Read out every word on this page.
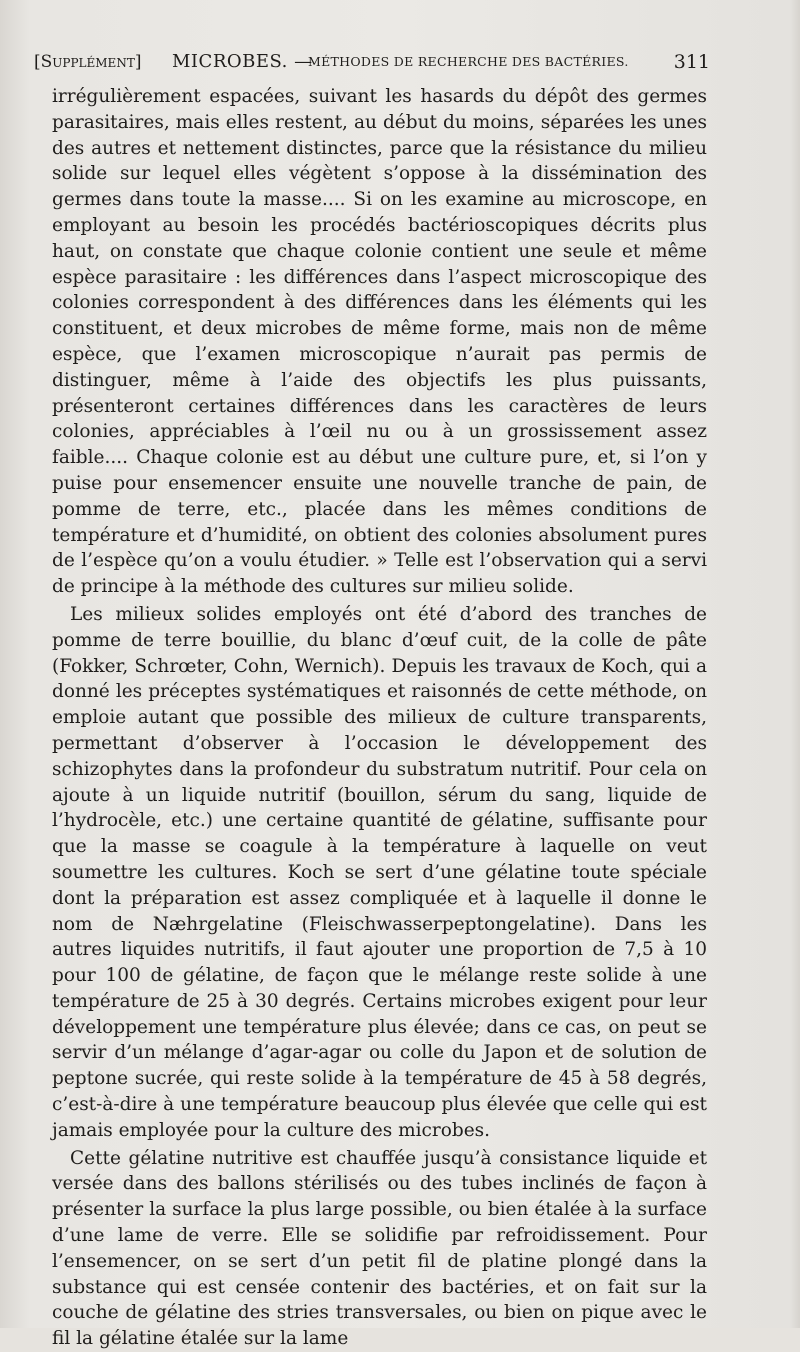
[Supplément] MICROBES. —
MÉTHODES DE RECHERCHE DES BACTÉRIES. 311

irrégulièrement espacées, suivant les hasards du dépôt des germes parasitaires, mais elles restent, au début du moins, séparées les unes des autres et nettement distinctes, parce que la résistance du milieu solide sur lequel elles végètent s’oppose à la dissémination des germes dans toute la masse.... Si on les examine au microscope, en employant au besoin les procédés bactérioscopiques décrits plus haut, on constate que chaque colonie contient une seule et même espèce parasitaire : les différences dans l’aspect microscopique des colonies correspondent à des différences dans les éléments qui les constituent, et deux microbes de même forme, mais non de même espèce, que l’examen microscopique n’aurait pas permis de distinguer, même à l’aide des objectifs les plus puissants, présenteront certaines différences dans les caractères de leurs colonies, appréciables à l’œil nu ou à un grossissement assez faible.... Chaque colonie est au début une culture pure, et, si l’on y puise pour ensemencer ensuite une nouvelle tranche de pain, de pomme de terre, etc., placée dans les mêmes conditions de température et d’humidité, on obtient des colonies absolument pures de l’espèce qu’on a voulu étudier. » Telle est l’observation qui a servi de principe à la méthode des cultures sur milieu solide.

Les milieux solides employés ont été d’abord des tranches de pomme de terre bouillie, du blanc d’œuf cuit, de la colle de pâte (Fokker, Schrœter, Cohn, Wernich). Depuis les travaux de Koch, qui a donné les préceptes systématiques et raisonnés de cette méthode, on emploie autant que possible des milieux de culture transparents, permettant d’observer à l’occasion le développement des schizophytes dans la profondeur du substratum nutritif. Pour cela on ajoute à un liquide nutritif (bouillon, sérum du sang, liquide de l’hydrocèle, etc.) une certaine quantité de gélatine, suffisante pour que la masse se coagule à la température à laquelle on veut soumettre les cultures. Koch se sert d’une gélatine toute spéciale dont la préparation est assez compliquée et à laquelle il donne le nom de Næhrgelatine (Fleischwasserpeptongelatine). Dans les autres liquides nutritifs, il faut ajouter une proportion de 7,5 à 10 pour 100 de gélatine, de façon que le mélange reste solide à une température de 25 à 30 degrés. Certains microbes exigent pour leur développement une température plus élevée; dans ce cas, on peut se servir d’un mélange d’agar-agar ou colle du Japon et de solution de peptone sucrée, qui reste solide à la température de 45 à 58 degrés, c’est-à-dire à une température beaucoup plus élevée que celle qui est jamais employée pour la culture des microbes.

Cette gélatine nutritive est chauffée jusqu’à consistance liquide et versée dans des ballons stérilisés ou des tubes inclinés de façon à présenter la surface la plus large possible, ou bien étalée à la surface d’une lame de verre. Elle se solidifie par refroidissement. Pour l’ensemencer, on se sert d’un petit fil de platine plongé dans la substance qui est censée contenir des bactéries, et on fait sur la couche de gélatine des stries transversales, ou bien on pique avec le fil la gélatine étalée sur la lame
